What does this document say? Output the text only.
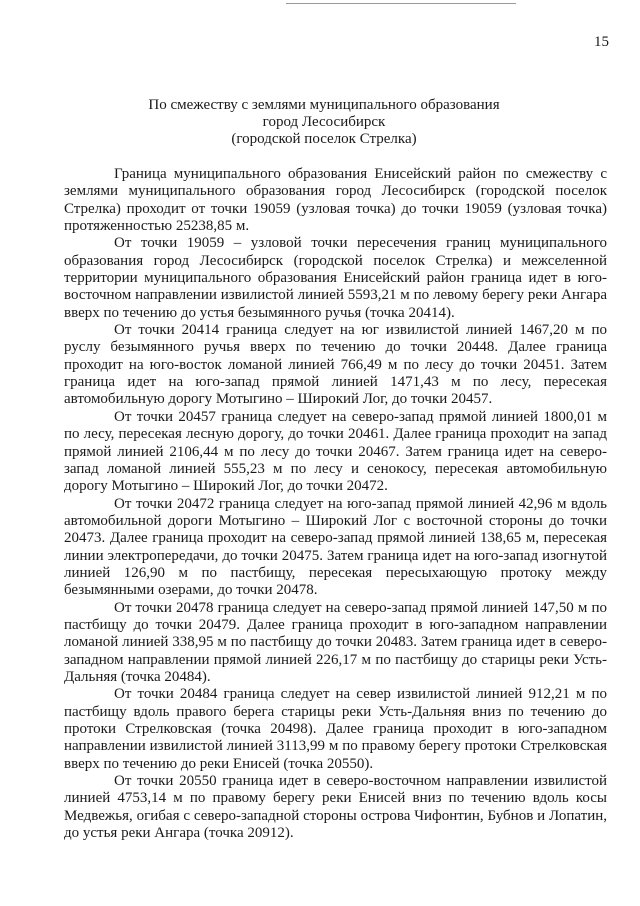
15
По смежеству с землями муниципального образования
город Лесосибирск
(городской поселок Стрелка)

Граница муниципального образования Енисейский район по смежеству с землями муниципального образования город Лесосибирск (городской поселок Стрелка) проходит от точки 19059 (узловая точка) до точки 19059 (узловая точка) протяженностью 25238,85 м.

От точки 19059 – узловой точки пересечения границ муниципального образования город Лесосибирск (городской поселок Стрелка) и межселенной территории муниципального образования Енисейский район граница идет в юго-восточном направлении извилистой линией 5593,21 м по левому берегу реки Ангара вверх по течению до устья безымянного ручья (точка 20414).

От точки 20414 граница следует на юг извилистой линией 1467,20 м по руслу безымянного ручья вверх по течению до точки 20448. Далее граница проходит на юго-восток ломаной линией 766,49 м по лесу до точки 20451. Затем граница идет на юго-запад прямой линией 1471,43 м по лесу, пересекая автомобильную дорогу Мотыгино – Широкий Лог, до точки 20457.

От точки 20457 граница следует на северо-запад прямой линией 1800,01 м по лесу, пересекая лесную дорогу, до точки 20461. Далее граница проходит на запад прямой линией 2106,44 м по лесу до точки 20467. Затем граница идет на северо-запад ломаной линией 555,23 м по лесу и сенокосу, пересекая автомобильную дорогу Мотыгино – Широкий Лог, до точки 20472.

От точки 20472 граница следует на юго-запад прямой линией 42,96 м вдоль автомобильной дороги Мотыгино – Широкий Лог с восточной стороны до точки 20473. Далее граница проходит на северо-запад прямой линией 138,65 м, пересекая линии электропередачи, до точки 20475. Затем граница идет на юго-запад изогнутой линией 126,90 м по пастбищу, пересекая пересыхающую протоку между безымянными озерами, до точки 20478.

От точки 20478 граница следует на северо-запад прямой линией 147,50 м по пастбищу до точки 20479. Далее граница проходит в юго-западном направлении ломаной линией 338,95 м по пастбищу до точки 20483. Затем граница идет в северо-западном направлении прямой линией 226,17 м по пастбищу до старицы реки Усть-Дальняя (точка 20484).

От точки 20484 граница следует на север извилистой линией 912,21 м по пастбищу вдоль правого берега старицы реки Усть-Дальняя вниз по течению до протоки Стрелковская (точка 20498). Далее граница проходит в юго-западном направлении извилистой линией 3113,99 м по правому берегу протоки Стрелковская вверх по течению до реки Енисей (точка 20550).

От точки 20550 граница идет в северо-восточном направлении извилистой линией 4753,14 м по правому берегу реки Енисей вниз по течению вдоль косы Медвежья, огибая с северо-западной стороны острова Чифонтин, Бубнов и Лопатин, до устья реки Ангара (точка 20912).
